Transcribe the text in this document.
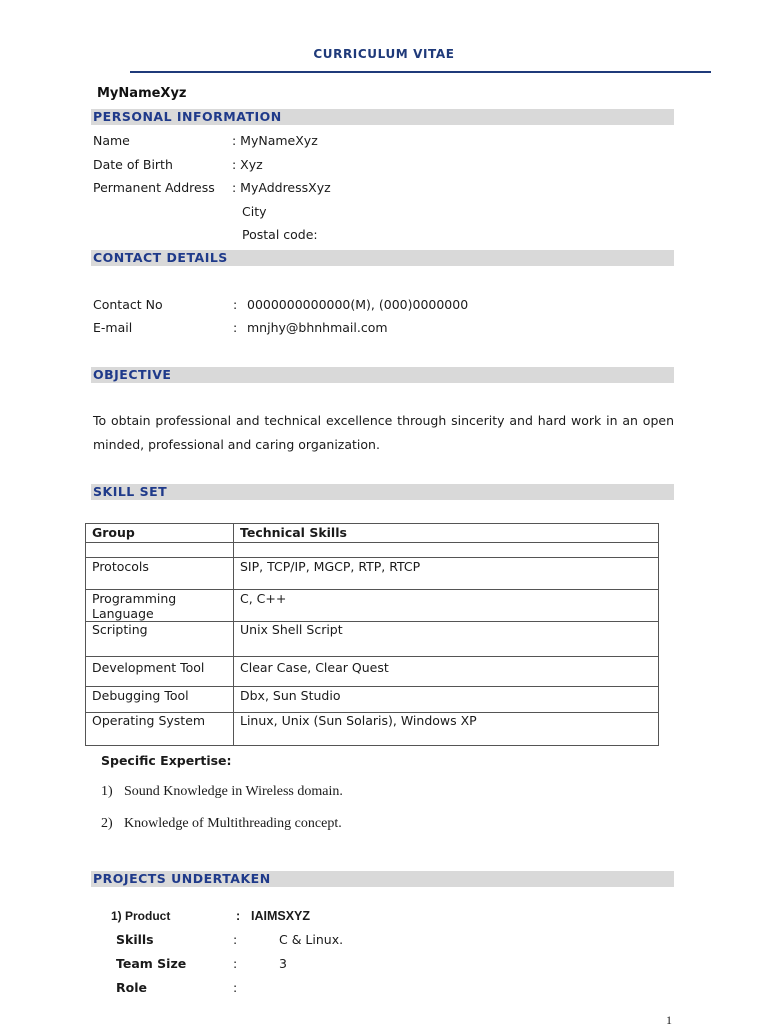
CURRICULUM VITAE
MyNameXyz
PERSONAL INFORMATION
Name	: MyNameXyz
Date of Birth	: Xyz
Permanent Address : MyAddressXyz
City
Postal code:
CONTACT DETAILS
Contact No	: 0000000000000(M), (000)0000000
E-mail	: mnjhy@bhnhmail.com
OBJECTIVE
To obtain professional and technical excellence through sincerity and hard work in an open minded, professional and caring organization.
SKILL SET
Group	Technical Skills

Protocols	SIP, TCP/IP, MGCP, RTP, RTCP
Programming Language	C, C++
Scripting	Unix Shell Script
Development Tool	Clear Case, Clear Quest
Debugging Tool	Dbx, Sun Studio
Operating System	Linux, Unix (Sun Solaris), Windows XP
Specific Expertise:
1) Sound Knowledge in Wireless domain.
2) Knowledge of Multithreading concept.
PROJECTS UNDERTAKEN
1) Product	: IAIMSXYZ
Skills	:	C & Linux.
Team Size	:	3
Role	:
1
